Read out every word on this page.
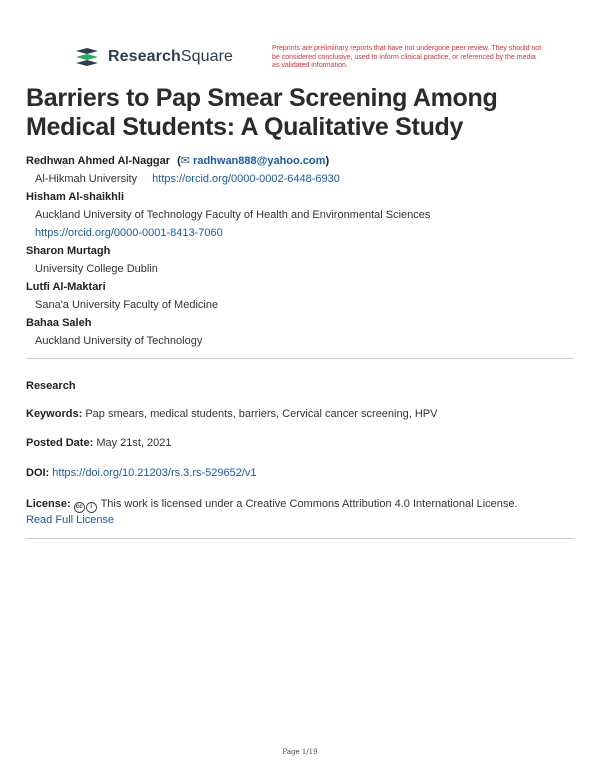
ResearchSquare	Preprints are preliminary reports that have not undergone peer review. They should not be considered conclusive, used to inform clinical practice, or referenced by the media as validated information.
Barriers to Pap Smear Screening Among Medical Students: A Qualitative Study
Redhwan Ahmed Al-Naggar (✉ radhwan888@yahoo.com)
Al-Hikmah University https://orcid.org/0000-0002-6448-6930
Hisham Al-shaikhli
Auckland University of Technology Faculty of Health and Environmental Sciences
https://orcid.org/0000-0001-8413-7060
Sharon Murtagh
University College Dublin
Lutfi Al-Maktari
Sana'a University Faculty of Medicine
Bahaa Saleh
Auckland University of Technology
Research
Keywords: Pap smears, medical students, barriers, Cervical cancer screening, HPV
Posted Date: May 21st, 2021
DOI: https://doi.org/10.21203/rs.3.rs-529652/v1
License: cc i This work is licensed under a Creative Commons Attribution 4.0 International License.
Read Full License
Page 1/19
